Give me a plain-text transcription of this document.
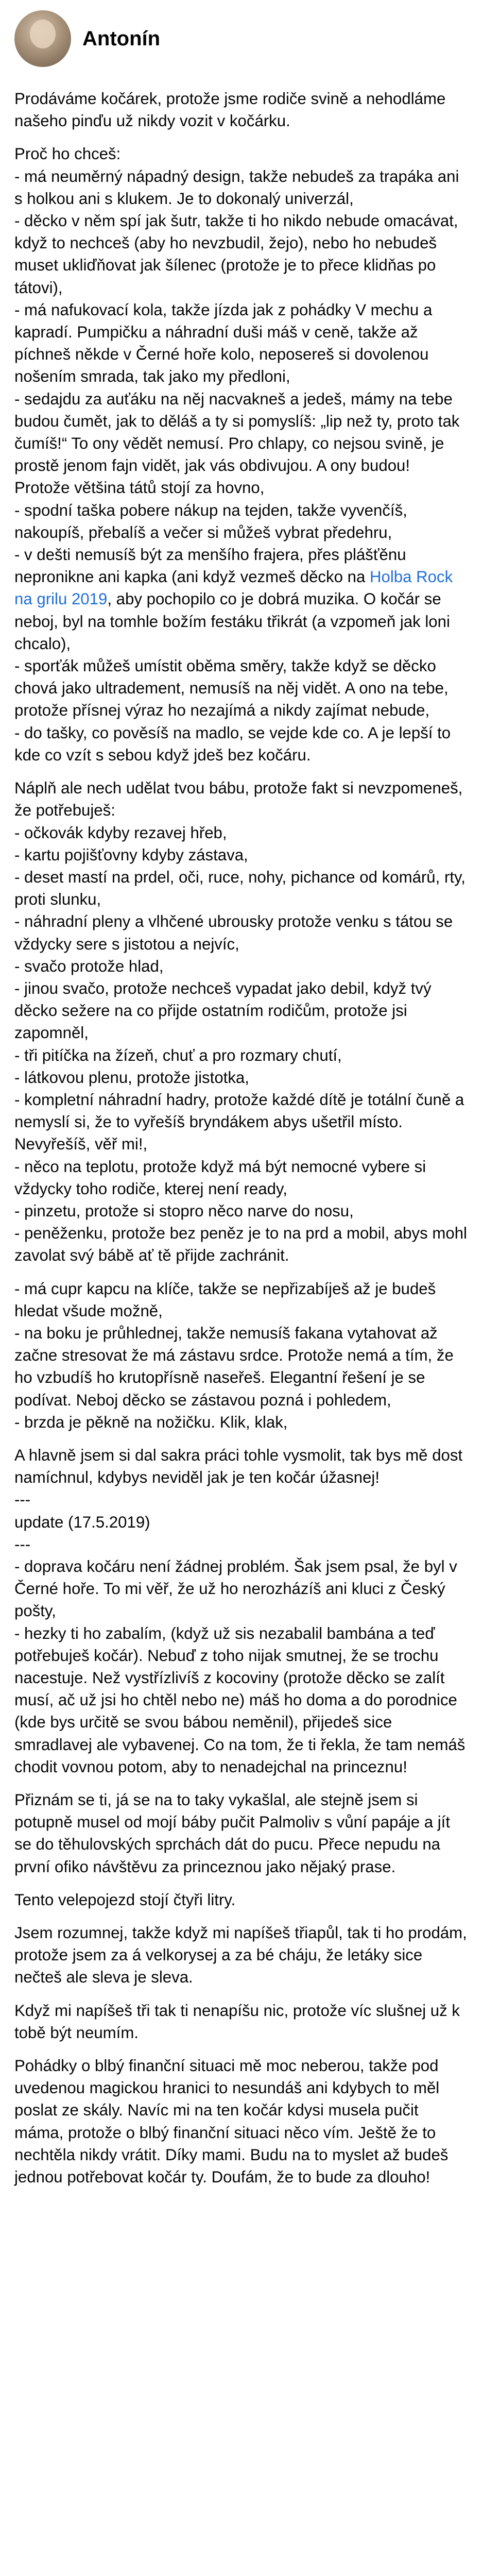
Antonín

Prodáváme kočárek, protože jsme rodiče svině a nehodláme našeho pinďu už nikdy vozit v kočárku.

Proč ho chceš:
- má neuměrný nápadný design, takže nebudeš za trapáka ani s holkou ani s klukem. Je to dokonalý univerzál,
- děcko v něm spí jak šutr, takže ti ho nikdo nebude omacávat, když to nechceš (aby ho nevzbudil, žejo), nebo ho nebudeš muset ukliďňovat jak šílenec (protože je to přece klidňas po tátovi),
- má nafukovací kola, takže jízda jak z pohádky V mechu a kapradí. Pumpičku a náhradní duši máš v ceně, takže až píchneš někde v Černé hoře kolo, neposereš si dovolenou nošením smrada, tak jako my předloni,
- sedajdu za auťáku na něj nacvakneš a jedeš, mámy na tebe budou čumět, jak to děláš a ty si pomyslíš: „lip než ty, proto tak čumíš!“ To ony vědět nemusí. Pro chlapy, co nejsou svině, je prostě jenom fajn vidět, jak vás obdivujou. A ony budou! Protože většina tátů stojí za hovno,
- spodní taška pobere nákup na tejden, takže vyvenčíš, nakoupíš, přebalíš a večer si můžeš vybrat předehru,
- v dešti nemusíš být za menšího frajera, přes plášťěnu nepronikne ani kapka (ani když vezmeš děcko na Holba Rock na grilu 2019, aby pochopilo co je dobrá muzika. O kočár se neboj, byl na tomhle božím festáku třikrát (a vzpomeň jak loni chcalo),
- sporťák můžeš umístit oběma směry, takže když se děcko chová jako ultradement, nemusíš na něj vidět. A ono na tebe, protože přísnej výraz ho nezajímá a nikdy zajímat nebude,
- do tašky, co pověsíš na madlo, se vejde kde co. A je lepší to kde co vzít s sebou když jdeš bez kočáru.

Náplň ale nech udělat tvou bábu, protože fakt si nevzpomeneš, že potřebuješ:
- očkovák kdyby rezavej hřeb,
- kartu pojišťovny kdyby zástava,
- deset mastí na prdel, oči, ruce, nohy, pichance od komárů, rty, proti slunku,
- náhradní pleny a vlhčené ubrousky protože venku s tátou se vždycky sere s jistotou a nejvíc,
- svačo protože hlad,
- jinou svačo, protože nechceš vypadat jako debil, když tvý děcko sežere na co přijde ostatním rodičům, protože jsi zapomněl,
- tři pitíčka na žízeň, chuť a pro rozmary chutí,
- látkovou plenu, protože jistotka,
- kompletní náhradní hadry, protože každé dítě je totální čuně a nemyslí si, že to vyřešíš bryndákem abys ušetřil místo. Nevyřešíš, věř mi!,
- něco na teplotu, protože když má být nemocné vybere si vždycky toho rodiče, kterej není ready,
- pinzetu, protože si stopro něco narve do nosu,
- peněženku, protože bez peněz je to na prd a mobil, abys mohl zavolat svý bábě ať tě přijde zachránit.

- má cupr kapcu na klíče, takže se nepřizabíješ až je budeš hledat všude možně,
- na boku je průhlednej, takže nemusíš fakana vytahovat až začne stresovat že má zástavu srdce. Protože nemá a tím, že ho vzbudíš ho krutopřísně naseřeš. Elegantní řešení je se podívat. Neboj děcko se zástavou pozná i pohledem,
- brzda je pěkně na nožičku. Klik, klak,

A hlavně jsem si dal sakra práci tohle vysmolit, tak bys mě dost namíchnul, kdybys neviděl jak je ten kočár úžasnej!
---
update (17.5.2019)
---
- doprava kočáru není žádnej problém. Šak jsem psal, že byl v Černé hoře. To mi věř, že už ho nerozházíš ani kluci z Český pošty,
- hezky ti ho zabalím, (když už sis nezabalil bambána a teď potřebuješ kočár). Nebuď z toho nijak smutnej, že se trochu nacestuje. Než vystřízlivíš z kocoviny (protože děcko se zalít musí, ač už jsi ho chtěl nebo ne) máš ho doma a do porodnice (kde bys určitě se svou bábou neměnil), přijedeš sice smradlavej ale vybavenej. Co na tom, že ti řekla, že tam nemáš chodit vovnou potom, aby to nenadejchal na princeznu!

Přiznám se ti, já se na to taky vykašlal, ale stejně jsem si potupně musel od mojí báby pučit Palmoliv s vůní papáje a jít se do těhulovských sprchách dát do pucu. Přece nepudu na první ofiko návštěvu za princeznou jako nějaký prase.

Tento velepojezd stojí čtyři litry.

Jsem rozumnej, takže když mi napíšeš třiapůl, tak ti ho prodám, protože jsem za á velkorysej a za bé cháju, že letáky sice nečteš ale sleva je sleva.

Když mi napíšeš tři tak ti nenapíšu nic, protože víc slušnej už k tobě být neumím.

Pohádky o blbý finanční situaci mě moc neberou, takže pod uvedenou magickou hranici to nesundáš ani kdybych to měl poslat ze skály. Navíc mi na ten kočár kdysi musela pučit máma, protože o blbý finanční situaci něco vím. Ještě že to nechtěla nikdy vrátit. Díky mami. Budu na to myslet až budeš jednou potřebovat kočár ty. Doufám, že to bude za dlouho!
